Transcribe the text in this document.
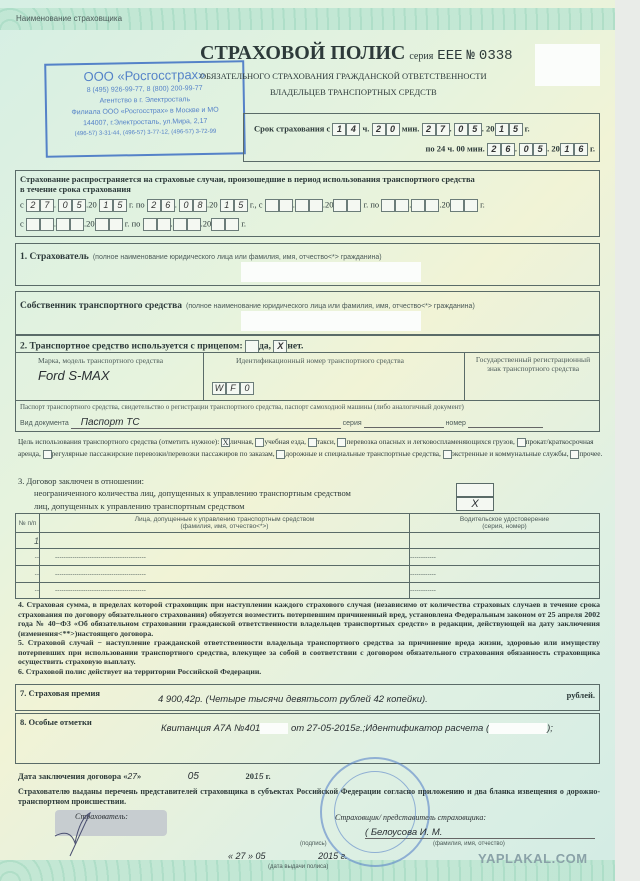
Наименование страховщика
ООО «Росгосстрах»
8 (495) 926-99-77, 8 (800) 200-99-77
Агентство в г. Электросталь
Филиала ООО «Росгосстрах» в Москве и МО
144007, г.Электросталь, ул.Мира, 2,17
(496-57) 3-31-44, (496-57) 3-77-12, (496-57) 3-72-99
СТРАХОВОЙ ПОЛИС серия ЕЕЕ № 0338
ОБЯЗАТЕЛЬНОГО СТРАХОВАНИЯ ГРАЖДАНСКОЙ ОТВЕТСТВЕННОСТИ
ВЛАДЕЛЬЦЕВ ТРАНСПОРТНЫХ СРЕДСТВ
Срок страхования с 1 4 ч. 2 0 мин. 2 7 . 0 5 . 20 1 5 г.
по 24 ч. 00 мин. 2 6 . 0 5 . 20 1 6 г.
Страхование распространяется на страховые случаи, произошедшие в период использования транспортного средства
в течение срока страхования
с 2 7 . 0 5 .20 1 5 г. по 2 6 . 0 8 .20 1 5 г., с	.	.20	г. по	.	.20	г.
с	.	.20	г. по	.	.20	г.
1. Страхователь (полное наименование юридического лица или фамилия, имя, отчество<*> гражданина)
Собственник транспортного средства (полное наименование юридического лица или фамилия, имя, отчество<*> гражданина)
2. Транспортное средство используется с прицепом: да, X нет.
Марка, модель транспортного средства
Ford S-MAX
Идентификационный номер транспортного средства
W F 0
Государственный регистрационный знак транспортного средства
Паспорт транспортного средства, свидетельство о регистрации транспортного средства, паспорт самоходной машины (либо аналогичный документ)
Вид документа Паспорт ТС	серия	номер
Цель использования транспортного средства (отметить нужное): X личная, учебная езда, такси, перевозка опасных и легковоспламеняющихся грузов, прокат/краткосрочная аренда, регулярные пассажирские перевозки/перевозки пассажиров по заказам, дорожные и специальные транспортные средства, экстренные и коммунальные службы, прочее.
3. Договор заключен в отношении:
неограниченного количества лиц, допущенных к управлению транспортным средством
лиц, допущенных к управлению транспортным средством	X
№ п/п	Лица, допущенные к управлению транспортным средством
(фамилия, имя, отчество<*>)	Водительское удостоверение
(серия, номер)
1		
--	------------------------------------------	------------
--	------------------------------------------	------------
--	------------------------------------------	------------
4. Страховая сумма, в пределах которой страховщик при наступлении каждого страхового случая (независимо от количества страховых случаев в течение срока страхования по договору обязательного страхования) обязуется возместить потерпевшим причиненный вред, установлена Федеральным законом от 25 апреля 2002 года № 40−ФЗ «Об обязательном страховании гражданской ответственности владельцев транспортных средств» в редакции, действующей на дату заключения (изменения<**>)настоящего договора.
5. Страховой случай − наступление гражданской ответственности владельца транспортного средства за причинение вреда жизни, здоровью или имуществу потерпевших при использовании транспортного средства, влекущее за собой в соответствии с договором обязательного страхования обязанность страховщика осуществить страховую выплату.
6. Страховой полис действует на территории Российской Федерации.
7. Страховая премия
4 900,42р. (Четыре тысячи девятьсот рублей 42 копейки).	рублей.
8. Особые отметки
Квитанция А7А №401	от 27-05-2015г.;Идентификатор расчета (	);
Дата заключения договора «27»	05	2015 г.
Страхователю выданы перечень представителей страховщика в субъектах Российской Федерации согласно приложению и два бланка извещения о дорожно-транспортном происшествии.
Страхователь:	Страховщик/ представитель страховщика:
( Белоусова И. М.
(подпись)	(фамилия, имя, отчество)
« 27 » 05	2015 г.
(дата выдачи полиса)
YAPLAKAL.COM
